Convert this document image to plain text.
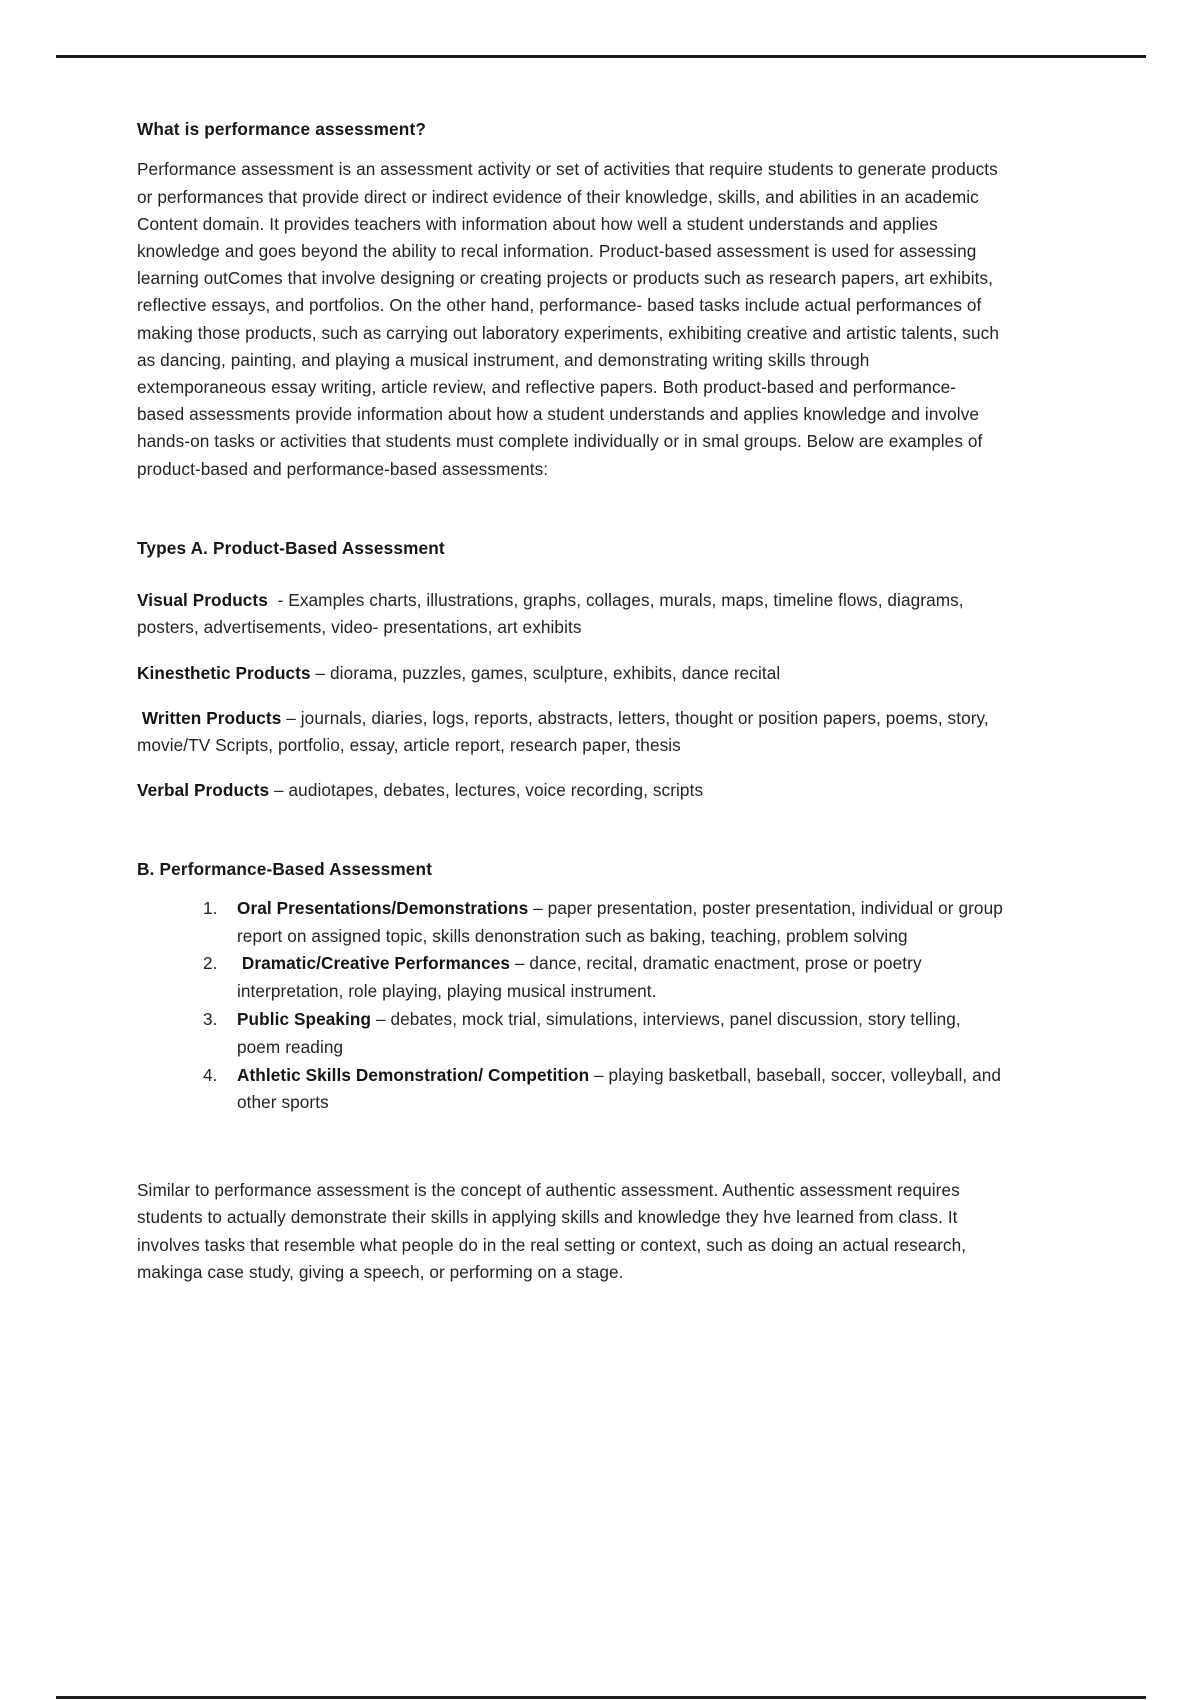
What is performance assessment?

Performance assessment is an assessment activity or set of activities that require students to generate products or performances that provide direct or indirect evidence of their knowledge, skills, and abilities in an academic Content domain. It provides teachers with information about how well a student understands and applies knowledge and goes beyond the ability to recal information. Product-based assessment is used for assessing learning outComes that involve designing or creating projects or products such as research papers, art exhibits, reflective essays, and portfolios. On the other hand, performance- based tasks include actual performances of making those products, such as carrying out laboratory experiments, exhibiting creative and artistic talents, such as dancing, painting, and playing a musical instrument, and demonstrating writing skills through extemporaneous essay writing, article review, and reflective papers. Both product-based and performance-based assessments provide information about how a student understands and applies knowledge and involve hands-on tasks or activities that students must complete individually or in smal groups. Below are examples of product-based and performance-based assessments:

Types A. Product-Based Assessment

Visual Products  - Examples charts, illustrations, graphs, collages, murals, maps, timeline flows, diagrams, posters, advertisements, video- presentations, art exhibits

Kinesthetic Products – diorama, puzzles, games, sculpture, exhibits, dance recital

Written Products – journals, diaries, logs, reports, abstracts, letters, thought or position papers, poems, story, movie/TV Scripts, portfolio, essay, article report, research paper, thesis

Verbal Products – audiotapes, debates, lectures, voice recording, scripts

B. Performance-Based Assessment
Oral Presentations/Demonstrations – paper presentation, poster presentation, individual or group report on assigned topic, skills denonstration such as baking, teaching, problem solving
Dramatic/Creative Performances – dance, recital, dramatic enactment, prose or poetry interpretation, role playing, playing musical instrument.
Public Speaking – debates, mock trial, simulations, interviews, panel discussion, story telling, poem reading
Athletic Skills Demonstration/ Competition – playing basketball, baseball, soccer, volleyball, and other sports

Similar to performance assessment is the concept of authentic assessment. Authentic assessment requires students to actually demonstrate their skills in applying skills and knowledge they hve learned from class. It involves tasks that resemble what people do in the real setting or context, such as doing an actual research, makinga case study, giving a speech, or performing on a stage.
